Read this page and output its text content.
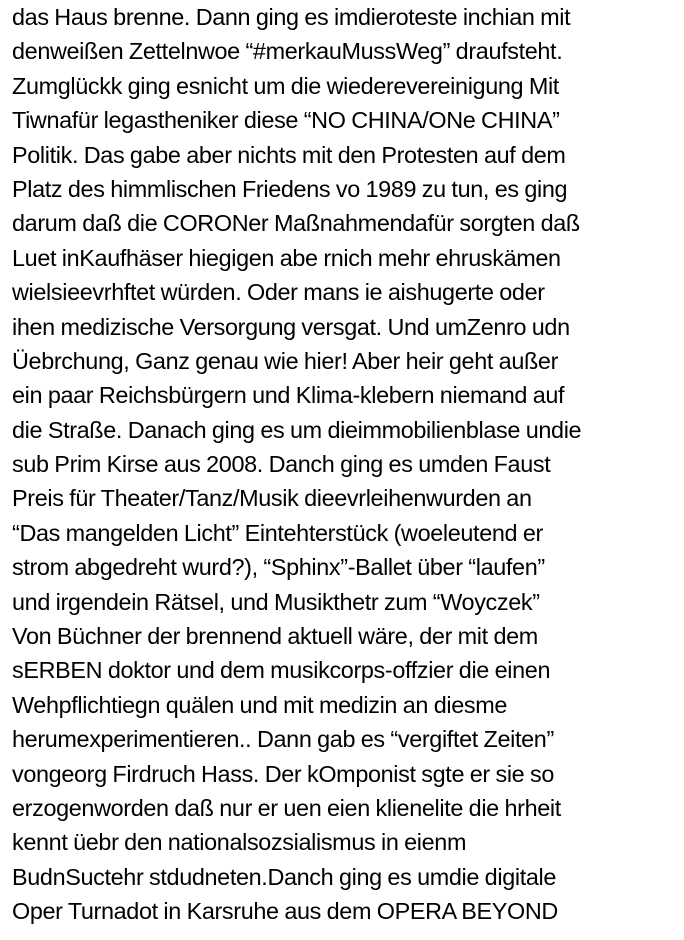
das Haus brenne. Dann ging es imdieroteste inchian mit
denweißen Zettelnwoe “#merkauMussWeg” draufsteht.
Zumglückk ging esnicht um die wiederevereinigung Mit
Tiwnafür legastheniker diese “NO CHINA/ONe CHINA”
Politik. Das gabe aber nichts mit den Protesten auf dem
Platz des himmlischen Friedens vo 1989 zu tun, es ging
darum daß die CORONer Maßnahmendafür sorgten daß
Luet inKaufhäser hiegigen abe rnich mehr ehruskämen
wielsieevrhftet würden. Oder mans ie aishugerte oder
ihen medizische Versorgung versgat. Und umZenro udn
Üebrchung, Ganz genau wie hier! Aber heir geht außer
ein paar Reichsbürgern und Klima-klebern niemand auf
die Straße. Danach ging es um dieimmobilienblase undie
sub Prim Kirse aus 2008. Danch ging es umden Faust
Preis für Theater/Tanz/Musik dieevrleihenwurden an
“Das mangelden Licht” Eintehterstück (woeleutend er
strom abgedreht wurd?), “Sphinx”-Ballet über “laufen”
und irgendein Rätsel, und Musikthetr zum “Woyczek”
Von Büchner der brennend aktuell wäre, der mit dem
sERBEN doktor und dem musikcorps-offzier die einen
Wehpflichtiegn quälen und mit medizin an diesme
herumexperimentieren.. Dann gab es “vergiftet Zeiten”
vongeorg Firdruch Hass. Der kOmponist sgte er sie so
erzogenworden daß nur er uen eien klienelite die hrheit
kennt üebr den nationalsozsialismus in eienm
BudnSuctehr stdudneten.Danch ging es umdie digitale
Oper Turnadot in Karsruhe aus dem OPERA BEYOND
